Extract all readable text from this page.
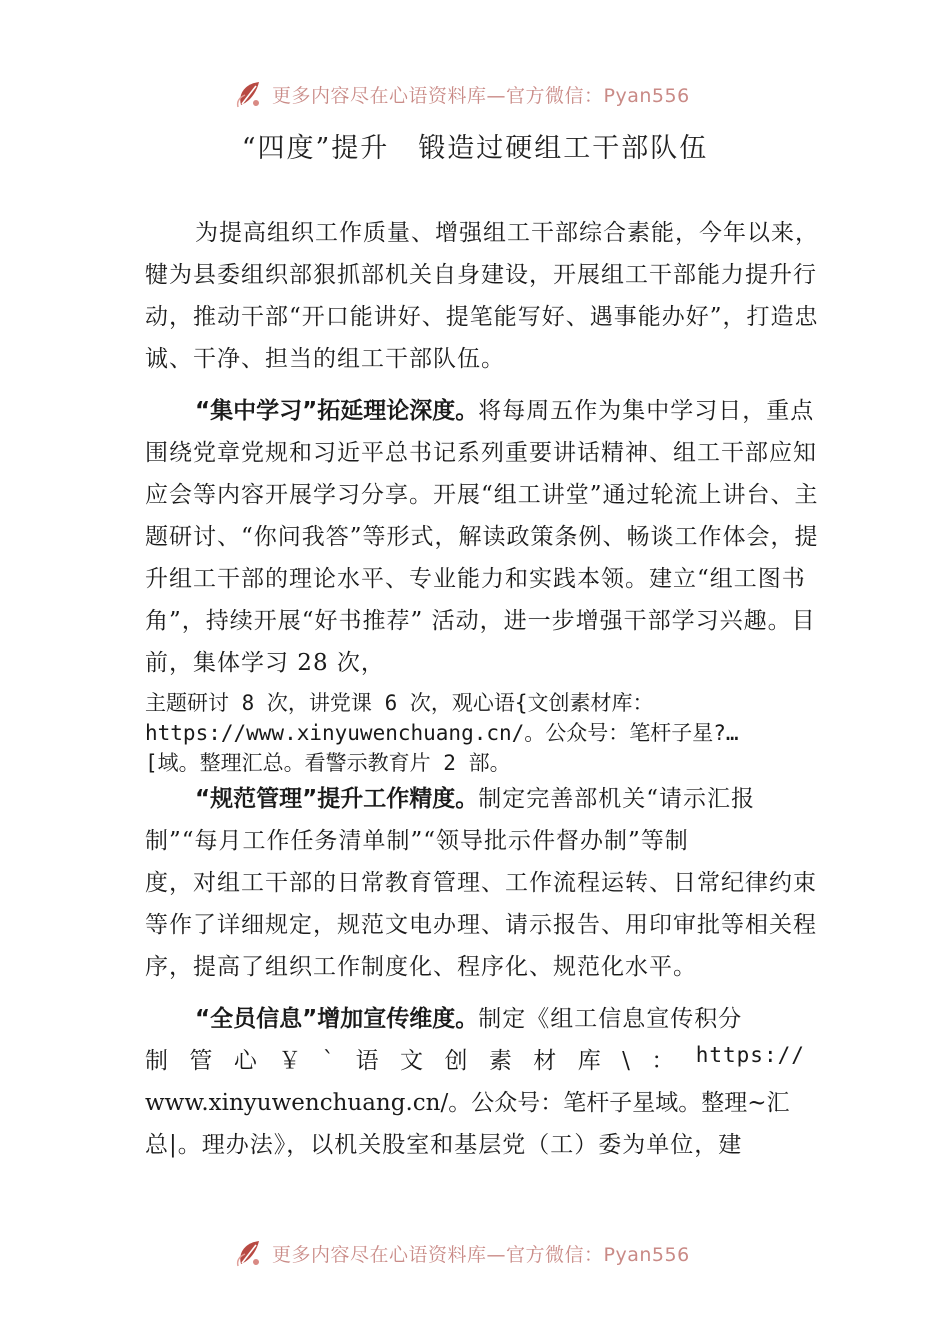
更多内容尽在心语资料库—官方微信：Pyan556
“四度”提升　锻造过硬组工干部队伍

为提高组织工作质量、增强组工干部综合素能，今年以来，犍为县委组织部狠抓部机关自身建设，开展组工干部能力提升行动，推动干部“开口能讲好、提笔能写好、遇事能办好”，打造忠诚、干净、担当的组工干部队伍。

“集中学习”拓延理论深度。将每周五作为集中学习日，重点围绕党章党规和习近平总书记系列重要讲话精神、组工干部应知应会等内容开展学习分享。开展“组工讲堂”通过轮流上讲台、主题研讨、“你问我答”等形式，解读政策条例、畅谈工作体会，提升组工干部的理论水平、专业能力和实践本领。建立“组工图书角”，持续开展“好书推荐” 活动，进一步增强干部学习兴趣。目前，集体学习 28 次，

主题研讨 8 次，讲党课 6 次，观心语{文创素材库：
https://www.xinyuwenchuang.cn/。公众号：笔杆子星?…
[域。整理汇总。看警示教育片 2 部。

“规范管理”提升工作精度。制定完善部机关“请示汇报制”“每月工作任务清单制”“领导批示件督办制”等制

度，对组工干部的日常教育管理、工作流程运转、日常纪律约束等作了详细规定，规范文电办理、请示报告、用印审批等相关程序，提高了组织工作制度化、程序化、规范化水平。

“全员信息”增加宣传维度。制定《组工信息宣传积分

制 管 心 ￥ ` 语 文 创 素 材 库 \ ： https://
www.xinyuwenchuang.cn/。公众号：笔杆子星域。整理~汇
总|。理办法》，以机关股室和基层党（工）委为单位，建
更多内容尽在心语资料库—官方微信：Pyan556
